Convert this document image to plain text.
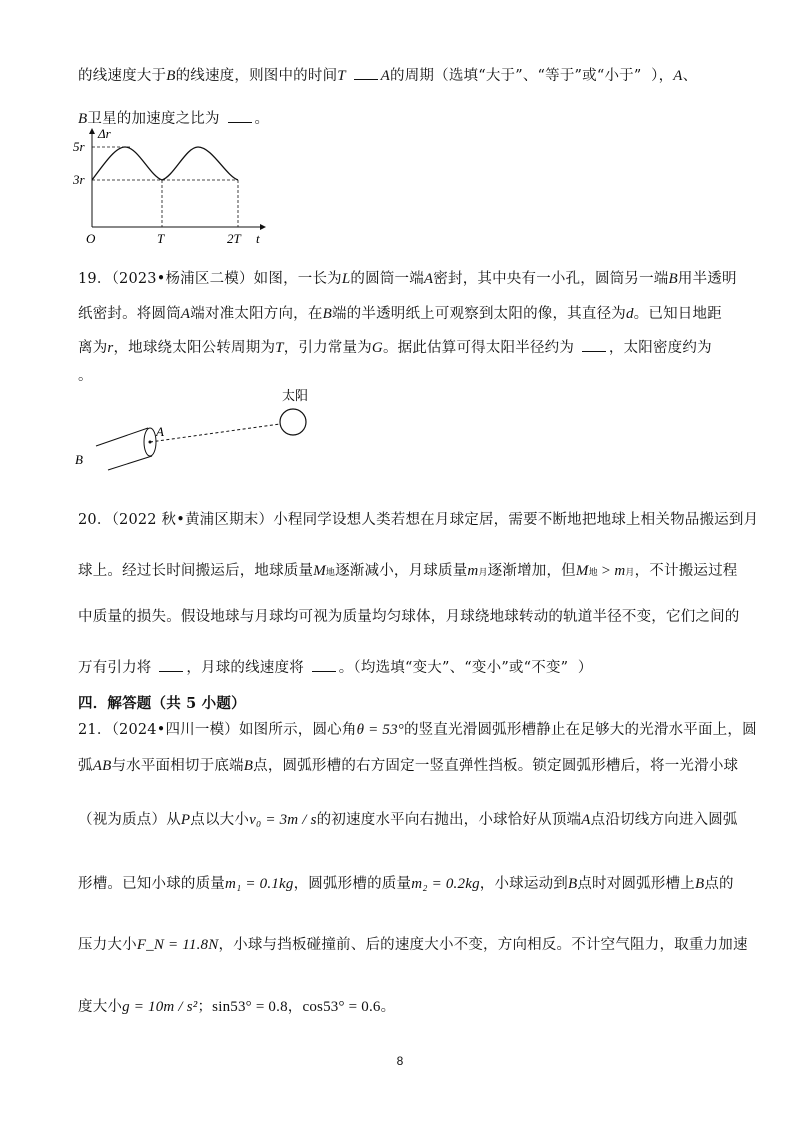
的线速度大于B的线速度，则图中的时间T A的周期（选填“大于”、“等于”或“小于” ），A、
B卫星的加速度之比为 。
Δr
5r
3r
O	T	2T t
19．（2023•杨浦区二模）如图，一长为L的圆筒一端A密封，其中央有一小孔，圆筒另一端B用半透明
纸密封。将圆筒A端对准太阳方向，在B端的半透明纸上可观察到太阳的像，其直径为d。已知日地距
离为r，地球绕太阳公转周期为T，引力常量为G。据此估算可得太阳半径约为 ，太阳密度约为
。
太阳
A
B
20．（2022 秋•黄浦区期末）小程同学设想人类若想在月球定居，需要不断地把地球上相关物品搬运到月
球上。经过长时间搬运后，地球质量M地逐渐减小，月球质量m月逐渐增加，但M地 > m月，不计搬运过程
中质量的损失。假设地球与月球均可视为质量均匀球体，月球绕地球转动的轨道半径不变，它们之间的
万有引力将 ，月球的线速度将 。（均选填“变大”、“变小”或“不变” ）
四．解答题（共 5 小题）
21．（2024•四川一模）如图所示，圆心角θ = 53°的竖直光滑圆弧形槽静止在足够大的光滑水平面上，圆
弧AB与水平面相切于底端B点，圆弧形槽的右方固定一竖直弹性挡板。锁定圆弧形槽后，将一光滑小球
（视为质点）从P点以大小v₀ = 3m / s的初速度水平向右抛出，小球恰好从顶端A点沿切线方向进入圆弧
形槽。已知小球的质量m₁ = 0.1kg，圆弧形槽的质量m₂ = 0.2kg，小球运动到B点时对圆弧形槽上B点的
压力大小F_N = 11.8N，小球与挡板碰撞前、后的速度大小不变，方向相反。不计空气阻力，取重力加速
度大小g = 10m / s²；sin53° = 0.8，cos53° = 0.6。
8
